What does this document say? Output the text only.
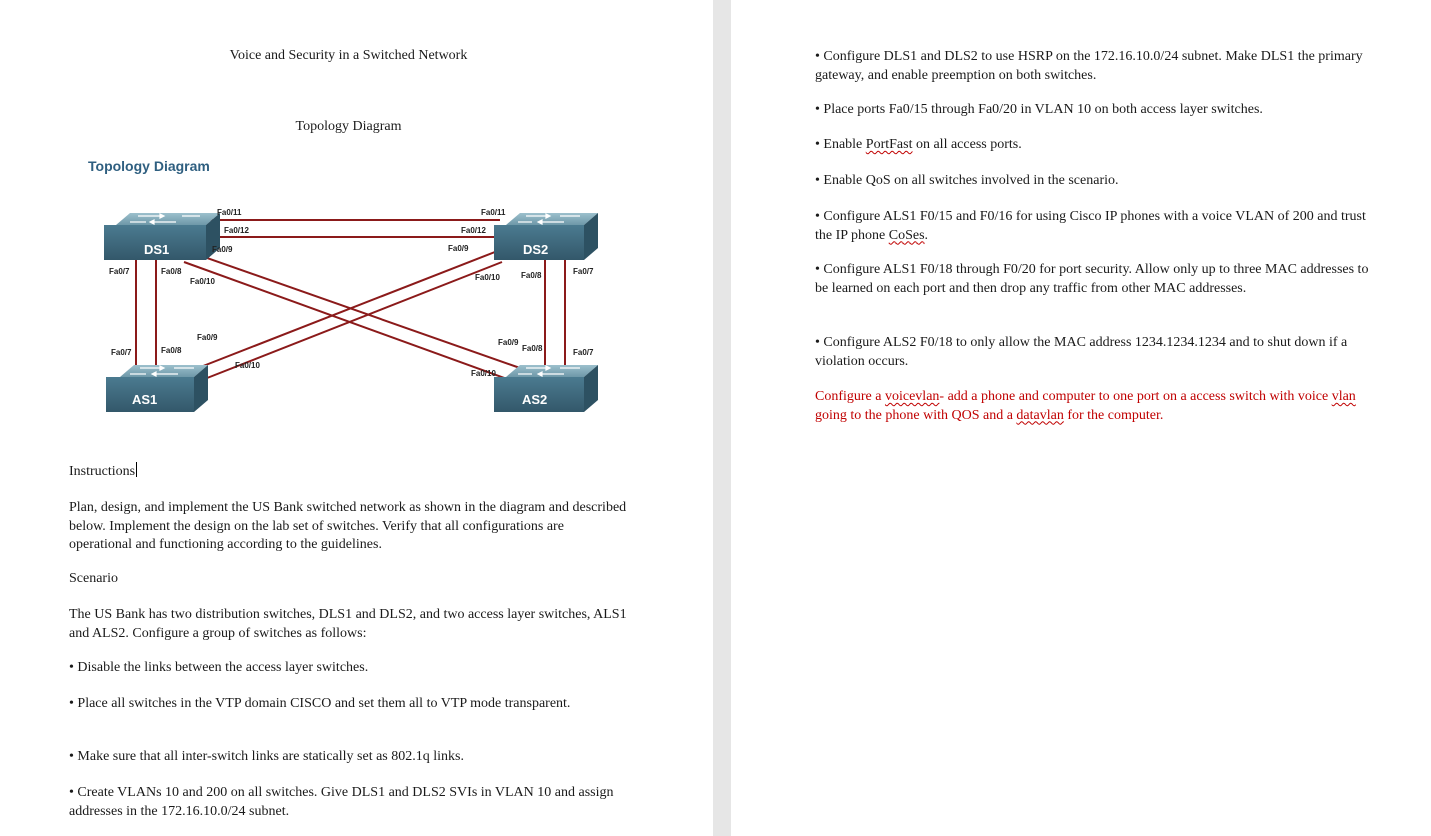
Voice and Security in a Switched Network
Topology Diagram
Topology Diagram
DS1	DS2
AS1	AS2
Fa0/11
Fa0/12
Fa0/9
Fa0/7	Fa0/8
Fa0/10
Fa0/11
Fa0/12
Fa0/9
Fa0/10	Fa0/8	Fa0/7
Fa0/9
Fa0/7	Fa0/8
Fa0/10
Fa0/9
Fa0/8	Fa0/7
Fa0/10
Instructions

Plan, design, and implement the US Bank switched network as shown in the diagram and described below. Implement the design on the lab set of switches. Verify that all configurations are operational and functioning according to the guidelines.

Scenario

The US Bank has two distribution switches, DLS1 and DLS2, and two access layer switches, ALS1 and ALS2. Configure a group of switches as follows:

• Disable the links between the access layer switches.

• Place all switches in the VTP domain CISCO and set them all to VTP mode transparent.

• Make sure that all inter-switch links are statically set as 802.1q links.

• Create VLANs 10 and 200 on all switches. Give DLS1 and DLS2 SVIs in VLAN 10 and assign addresses in the 172.16.10.0/24 subnet.

• Configure DLS1 and DLS2 to use HSRP on the 172.16.10.0/24 subnet. Make DLS1 the primary gateway, and enable preemption on both switches.

• Place ports Fa0/15 through Fa0/20 in VLAN 10 on both access layer switches.

• Enable PortFast on all access ports.

• Enable QoS on all switches involved in the scenario.

• Configure ALS1 F0/15 and F0/16 for using Cisco IP phones with a voice VLAN of 200 and trust the IP phone CoSes.

• Configure ALS1 F0/18 through F0/20 for port security. Allow only up to three MAC addresses to be learned on each port and then drop any traffic from other MAC addresses.

• Configure ALS2 F0/18 to only allow the MAC address 1234.1234.1234 and to shut down if a violation occurs.

Configure a voicevlan- add a phone and computer to one port on a access switch with voice vlan going to the phone with QOS and a datavlan for the computer.
